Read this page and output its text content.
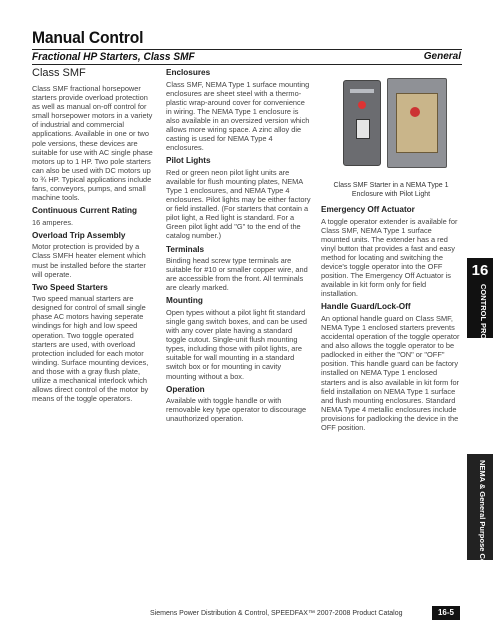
Manual Control
Fractional HP Starters, Class SMF	General
Class SMF

Class SMF fractional horsepower starters provide overload protection as well as manual on-off control for small horsepower motors in a variety of industrial and commercial applications. Available in one or two pole versions, these devices are suitable for use with AC single phase motors up to 1 HP. Two pole starters can also be used with DC motors up to ¾ HP. Typical applications include fans, conveyors, pumps, and small machine tools.

Continuous Current Rating

16 amperes.

Overload Trip Assembly

Motor protection is provided by a Class SMFH heater element which must be installed before the starter will operate.

Two Speed Starters

Two speed manual starters are designed for control of small single phase AC motors having seperate windings for high and low speed operation. Two toggle operated starters are used, with overload protection included for each motor winding. Surface mounting devices, and those with a gray flush plate, utilize a mechanical interlock which allows direct control of the motor by means of the toggle operators.

Enclosures

Class SMF, NEMA Type 1 surface mounting enclosures are sheet steel with a thermo-plastic wrap-around cover for convenience in wiring. The NEMA Type 1 enclosure is also available in an oversized version which allows more wiring space. A zinc alloy die casting is used for NEMA Type 4 enclosures.

Pilot Lights

Red or green neon pilot light units are available for flush mounting plates, NEMA Type 1 enclosures, and NEMA Type 4 enclosures. Pilot lights may be either factory or field installed. (For starters that contain a pilot light, a Red light is standard. For a Green pilot light add "G" to the end of the catalog number.)

Terminals

Binding head screw type terminals are suitable for #10 or smaller copper wire, and are accessible from the front. All terminals are clearly marked.

Mounting

Open types without a pilot light fit standard single gang switch boxes, and can be used with any cover plate having a standard toggle cutout. Single-unit flush mounting types, including those with pilot lights, are suitable for wall mounting in a standard switch box or for mounting in cavity mounting without a box.

Operation

Available with toggle handle or with removable key type operator to discourage unauthorized operation.

Class SMF Starter in a NEMA Type 1 Enclosure with Pilot Light
Emergency Off Actuator

A toggle operator extender is available for Class SMF, NEMA Type 1 surface mounted units. The extender has a red vinyl button that provides a fast and easy method for locating and switching the device's toggle operator into the OFF position. The Emergency Off Actuator is available in kit form only for field installation.

Handle Guard/Lock-Off

An optional handle guard on Class SMF, NEMA Type 1 enclosed starters prevents accidental operation of the toggle operator and also allows the toggle operator to be padlocked in either the "ON" or "OFF" position. This handle guard can be factory installed on NEMA Type 1 enclosed starters and is also available in kit form for field installation on NEMA Type 1 surface and flush mounting enclosures. Standard NEMA Type 4 metallic enclosures include provisions for padlocking the device in the OFF position.

16
CONTROL PRODUCTS
NEMA & General Purpose Control
Siemens Power Distribution & Control, SPEEDFAX™ 2007-2008 Product Catalog	16-5
